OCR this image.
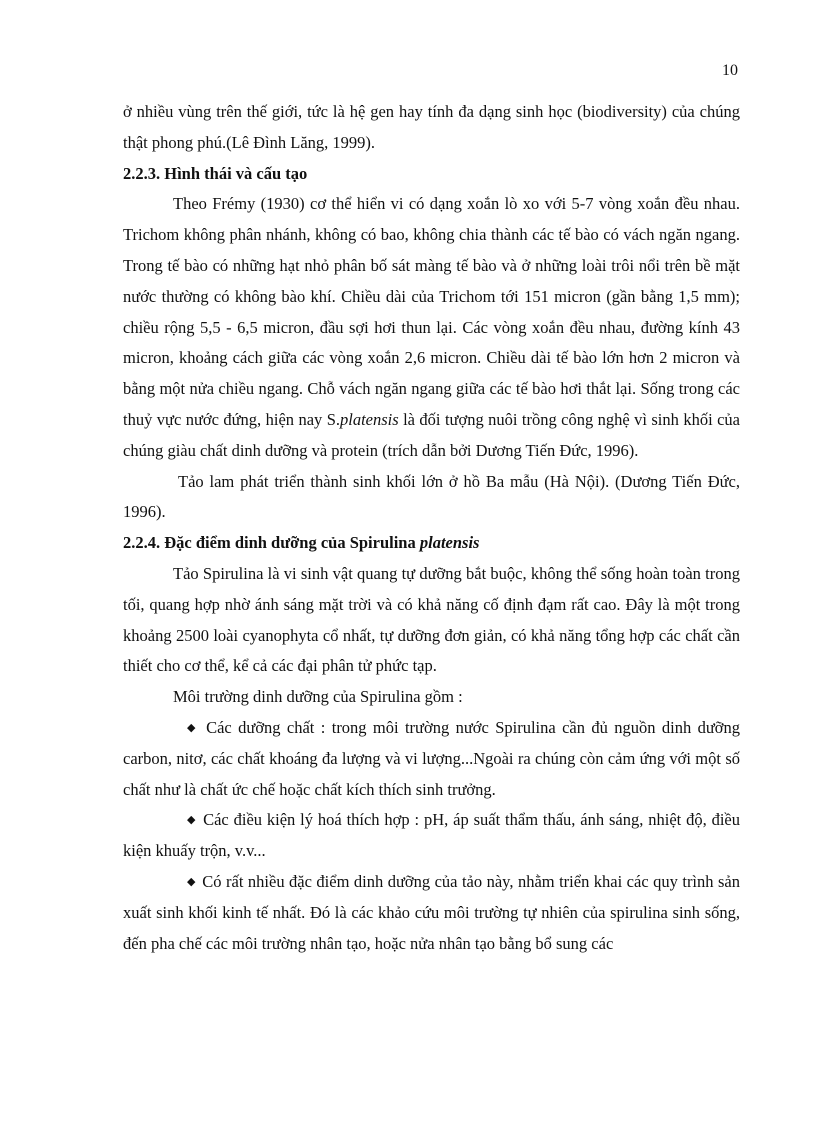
10

ở nhiều vùng trên thế giới, tức là hệ gen hay tính đa dạng sinh học (biodiversity) của chúng thật phong phú.(Lê Đình Lăng, 1999).

2.2.3. Hình thái và cấu tạo

Theo Frémy (1930) cơ thể hiển vi có dạng xoắn lò xo với 5-7 vòng xoắn đều nhau. Trichom không phân nhánh, không có bao, không chia thành các tế bào có vách ngăn ngang. Trong tế bào có những hạt nhỏ phân bố sát màng tế bào và ở những loài trôi nổi trên bề mặt nước thường có không bào khí. Chiều dài của Trichom tới 151 micron (gần bằng 1,5 mm); chiều rộng 5,5 - 6,5 micron, đầu sợi hơi thun lại. Các vòng xoắn đều nhau, đường kính 43 micron, khoảng cách giữa các vòng xoắn 2,6 micron. Chiều dài tế bào lớn hơn 2 micron và bằng một nửa chiều ngang. Chỗ vách ngăn ngang giữa các tế bào hơi thắt lại. Sống trong các thuỷ vực nước đứng, hiện nay S.platensis là đối tượng nuôi trồng công nghệ vì sinh khối của chúng giàu chất dinh dưỡng và protein (trích dẫn bởi Dương Tiến Đức, 1996).

Tảo lam phát triển thành sinh khối lớn ở hồ Ba mẫu (Hà Nội). (Dương Tiến Đức, 1996).

2.2.4. Đặc điểm dinh dưỡng của Spirulina platensis

Tảo Spirulina là vi sinh vật quang tự dưỡng bắt buộc, không thể sống hoàn toàn trong tối, quang hợp nhờ ánh sáng mặt trời và có khả năng cố định đạm rất cao. Đây là một trong khoảng 2500 loài cyanophyta cổ nhất, tự dưỡng đơn giản, có khả năng tổng hợp các chất cần thiết cho cơ thể, kể cả các đại phân tử phức tạp.

Môi trường dinh dưỡng của Spirulina gồm :

◆ Các dưỡng chất : trong môi trường nước Spirulina cần đủ nguồn dinh dưỡng carbon, nitơ, các chất khoáng đa lượng và vi lượng...Ngoài ra chúng còn cảm ứng với một số chất như là chất ức chế hoặc chất kích thích sinh trưởng.

◆ Các điều kiện lý hoá thích hợp : pH, áp suất thẩm thấu, ánh sáng, nhiệt độ, điều kiện khuấy trộn, v.v...

◆ Có rất nhiều đặc điểm dinh dưỡng của tảo này, nhằm triển khai các quy trình sản xuất sinh khối kinh tế nhất. Đó là các khảo cứu môi trường tự nhiên của spirulina sinh sống, đến pha chế các môi trường nhân tạo, hoặc nửa nhân tạo bằng bổ sung các
